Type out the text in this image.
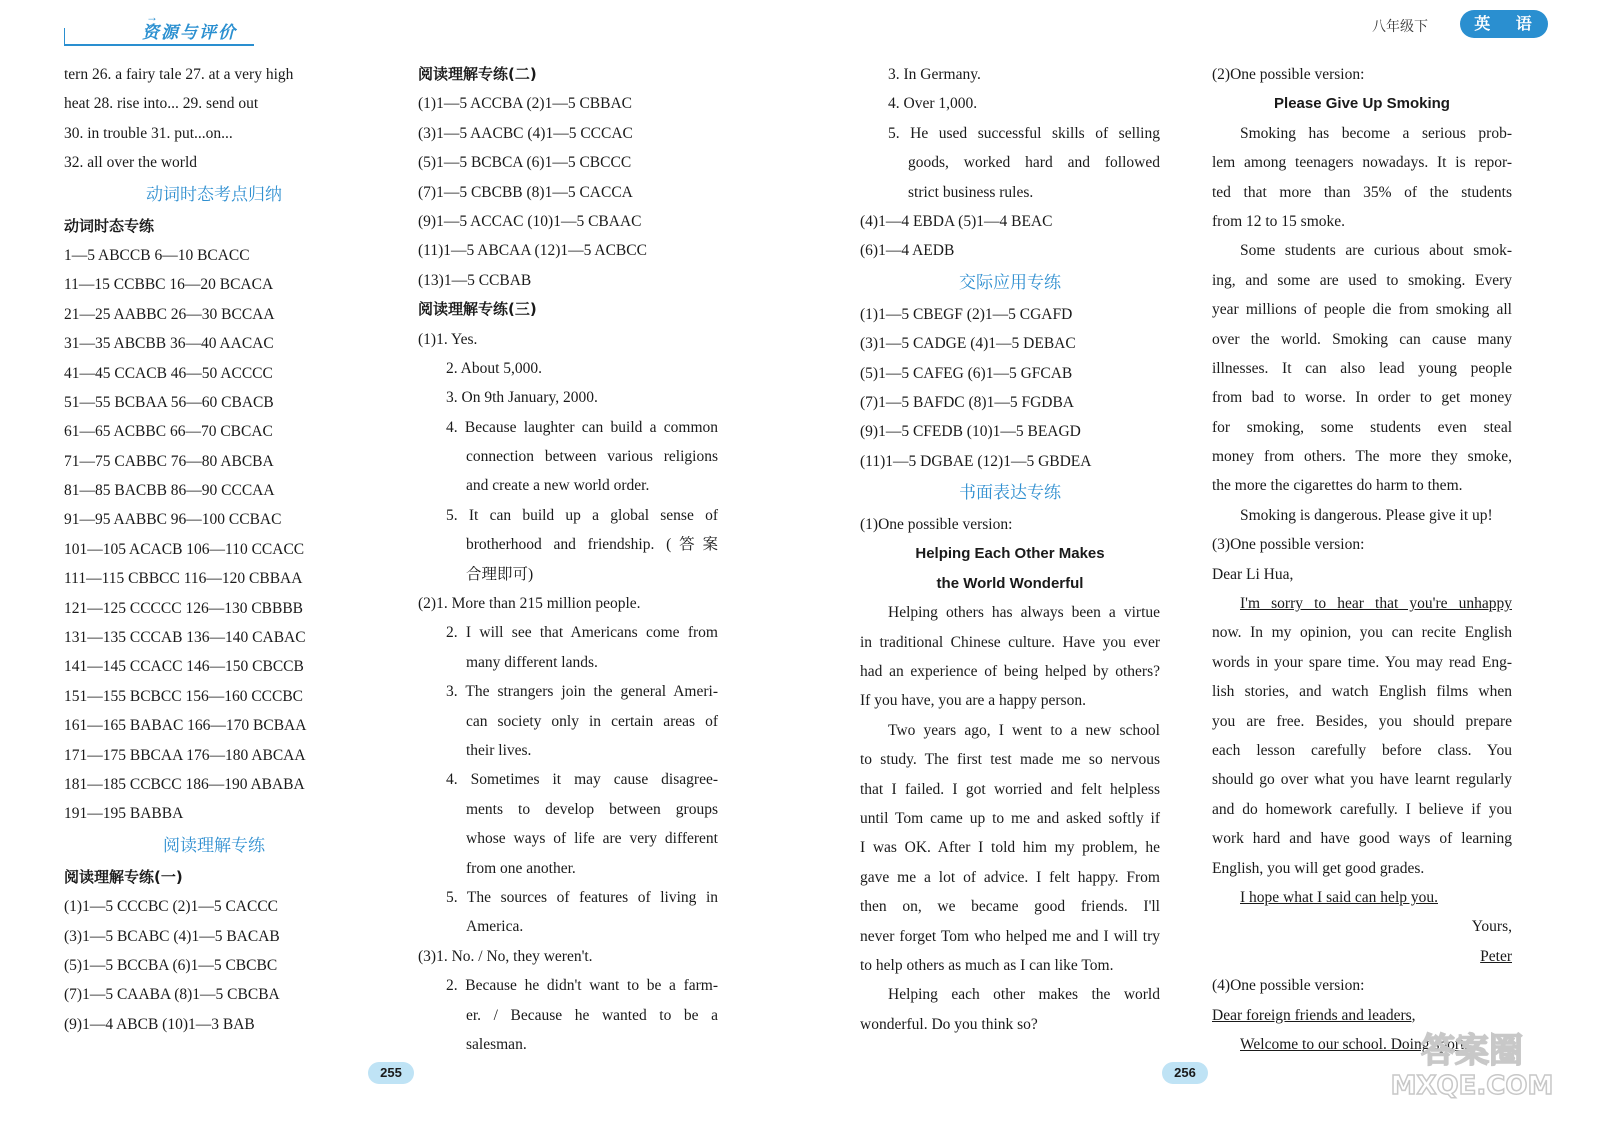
→
资源与评价	八年级下	英 语
tern 26. a fairy tale 27. at a very high
heat 28. rise into... 29. send out
30. in trouble 31. put...on...
32. all over the world
动词时态考点归纳
动词时态专练
1—5 ABCCB 6—10 BCACC
11—15 CCBBC 16—20 BCACA
21—25 AABBC 26—30 BCCAA
31—35 ABCBB 36—40 AACAC
41—45 CCACB 46—50 ACCCC
51—55 BCBAA 56—60 CBACB
61—65 ACBBC 66—70 CBCAC
71—75 CABBC 76—80 ABCBA
81—85 BACBB 86—90 CCCAA
91—95 AABBC 96—100 CCBAC
101—105 ACACB 106—110 CCACC
111—115 CBBCC 116—120 CBBAA
121—125 CCCCC 126—130 CBBBB
131—135 CCCAB 136—140 CABAC
141—145 CCACC 146—150 CBCCB
151—155 BCBCC 156—160 CCCBC
161—165 BABAC 166—170 BCBAA
171—175 BBCAA 176—180 ABCAA
181—185 CCBCC 186—190 ABABA
191—195 BABBA
阅读理解专练
阅读理解专练(一)
(1)1—5 CCCBC (2)1—5 CACCC
(3)1—5 BCABC (4)1—5 BACAB
(5)1—5 BCCBA (6)1—5 CBCBC
(7)1—5 CAABA (8)1—5 CBCBA
(9)1—4 ABCB (10)1—3 BAB
阅读理解专练(二)
(1)1—5 ACCBA (2)1—5 CBBAC
(3)1—5 AACBC (4)1—5 CCCAC
(5)1—5 BCBCA (6)1—5 CBCCC
(7)1—5 CBCBB (8)1—5 CACCA
(9)1—5 ACCAC (10)1—5 CBAAC
(11)1—5 ABCAA (12)1—5 ACBCC
(13)1—5 CCBAB
阅读理解专练(三)
(1)1. Yes.
2. About 5,000.
3. On 9th January, 2000.
4. Because laughter can build a common
connection between various religions
and create a new world order.
5. It can build up a global sense of
brotherhood and friendship. (答案
合理即可)
(2)1. More than 215 million people.
2. I will see that Americans come from
many different lands.
3. The strangers join the general Ameri-
can society only in certain areas of
their lives.
4. Sometimes it may cause disagree-
ments to develop between groups
whose ways of life are very different
from one another.
5. The sources of features of living in
America.
(3)1. No. / No, they weren't.
2. Because he didn't want to be a farm-
er. / Because he wanted to be a
salesman.
3. In Germany.
4. Over 1,000.
5. He used successful skills of selling
goods, worked hard and followed
strict business rules.
(4)1—4 EBDA (5)1—4 BEAC
(6)1—4 AEDB
交际应用专练
(1)1—5 CBEGF (2)1—5 CGAFD
(3)1—5 CADGE (4)1—5 DEBAC
(5)1—5 CAFEG (6)1—5 GFCAB
(7)1—5 BAFDC (8)1—5 FGDBA
(9)1—5 CFEDB (10)1—5 BEAGD
(11)1—5 DGBAE (12)1—5 GBDEA
书面表达专练
(1)One possible version:
Helping Each Other Makes
the World Wonderful
Helping others has always been a virtue
in traditional Chinese culture. Have you ever
had an experience of being helped by others?
If you have, you are a happy person.
Two years ago, I went to a new school
to study. The first test made me so nervous
that I failed. I got worried and felt helpless
until Tom came up to me and asked softly if
I was OK. After I told him my problem, he
gave me a lot of advice. I felt happy. From
then on, we became good friends. I'll
never forget Tom who helped me and I will try
to help others as much as I can like Tom.
Helping each other makes the world
wonderful. Do you think so?
(2)One possible version:
Please Give Up Smoking
Smoking has become a serious prob-
lem among teenagers nowadays. It is repor-
ted that more than 35% of the students
from 12 to 15 smoke.
Some students are curious about smok-
ing, and some are used to smoking. Every
year millions of people die from smoking all
over the world. Smoking can cause many
illnesses. It can also lead young people
from bad to worse. In order to get money
for smoking, some students even steal
money from others. The more they smoke,
the more the cigarettes do harm to them.
Smoking is dangerous. Please give it up!
(3)One possible version:
Dear Li Hua,
I'm sorry to hear that you're unhappy
now. In my opinion, you can recite English
words in your spare time. You may read Eng-
lish stories, and watch English films when
you are free. Besides, you should prepare
each lesson carefully before class. You
should go over what you have learnt regularly
and do homework carefully. I believe if you
work hard and have good ways of learning
English, you will get good grades.
I hope what I said can help you.
Yours,
Peter
(4)One possible version:
Dear foreign friends and leaders,
Welcome to our school. Doing sports
255	256
答案圈
MXQE.COM
